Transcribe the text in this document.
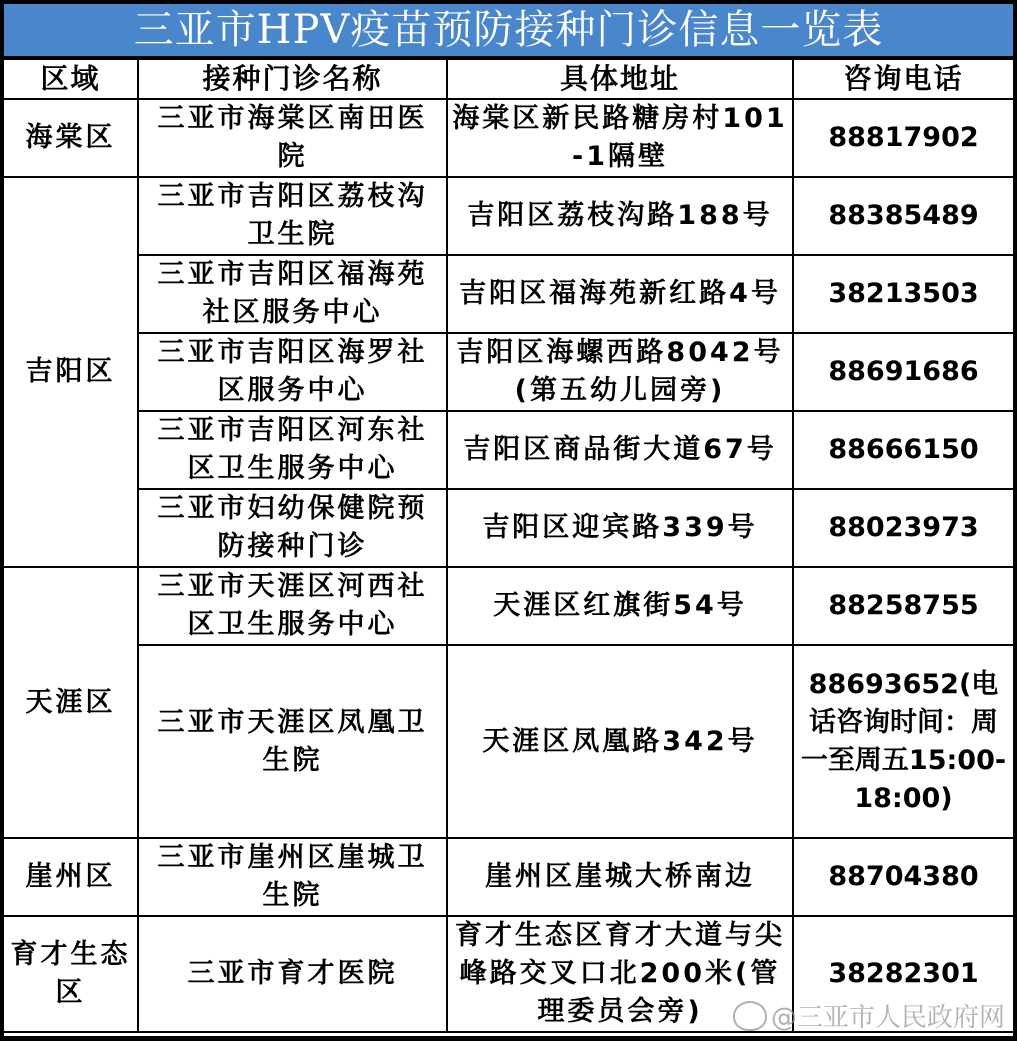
三亚市HPV疫苗预防接种门诊信息一览表
区域	接种门诊名称	具体地址	咨询电话
海棠区	三亚市海棠区南田医院	海棠区新民路糖房村101-1隔壁	88817902
吉阳区	三亚市吉阳区荔枝沟卫生院	吉阳区荔枝沟路188号	88385489
	三亚市吉阳区福海苑社区服务中心	吉阳区福海苑新红路4号	38213503
	三亚市吉阳区海罗社区服务中心	吉阳区海螺西路8042号(第五幼儿园旁)	88691686
	三亚市吉阳区河东社区卫生服务中心	吉阳区商品街大道67号	88666150
	三亚市妇幼保健院预防接种门诊	吉阳区迎宾路339号	88023973
天涯区	三亚市天涯区河西社区卫生服务中心	天涯区红旗街54号	88258755
	三亚市天涯区凤凰卫生院	天涯区凤凰路342号	88693652(电话咨询时间：周一至周五15:00-18:00)
崖州区	三亚市崖州区崖城卫生院	崖州区崖城大桥南边	88704380
育才生态区	三亚市育才医院	育才生态区育才大道与尖峰路交叉口北200米(管理委员会旁)	38282301
@三亚市人民政府网
